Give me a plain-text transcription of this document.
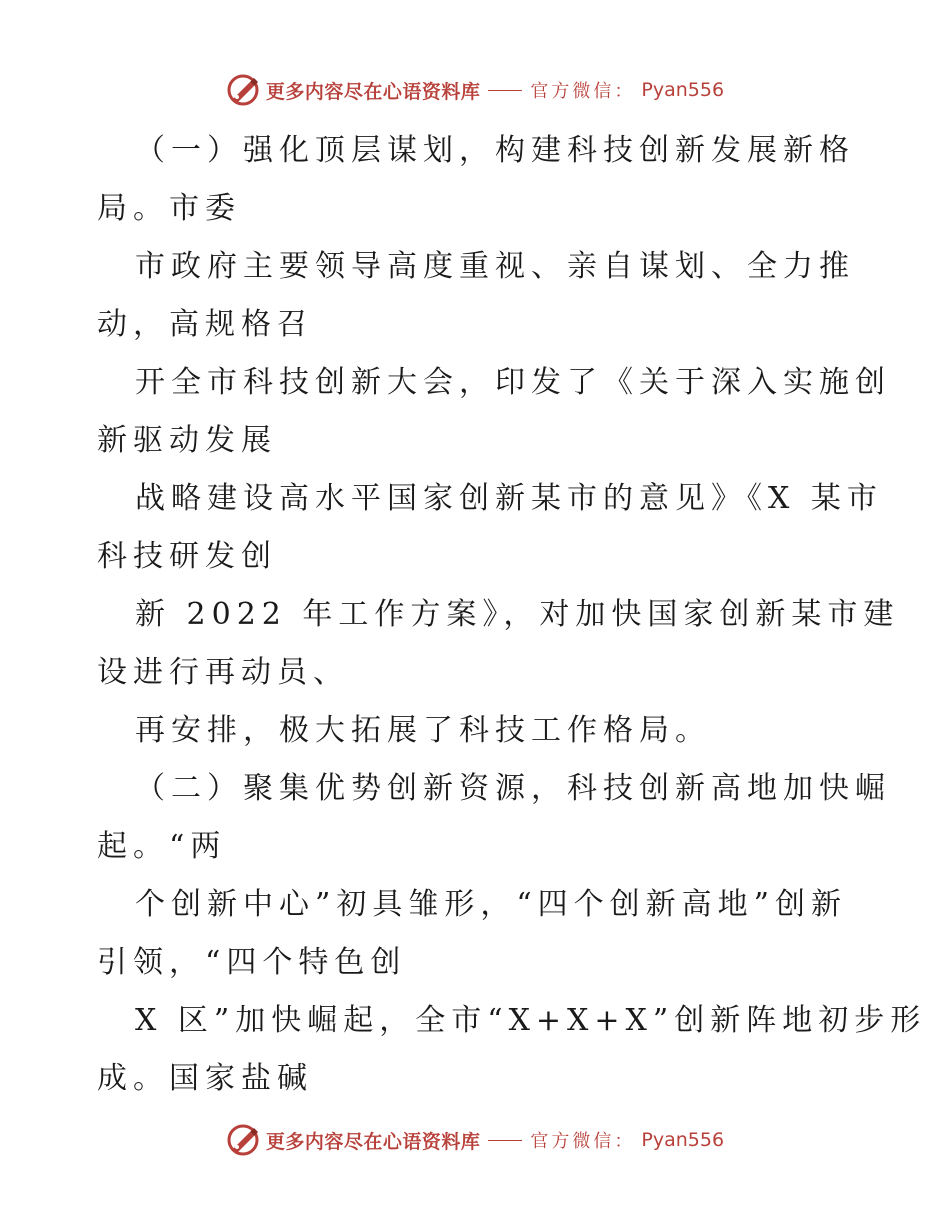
更多内容尽在心语资料库	官方微信： Pyan556
（一）强化顶层谋划，构建科技创新发展新格
局。市委
市政府主要领导高度重视、亲自谋划、全力推
动，高规格召
开全市科技创新大会，印发了《关于深入实施创
新驱动发展
战略建设高水平国家创新某市的意见》《X 某市
科技研发创
新 2022 年工作方案》，对加快国家创新某市建
设进行再动员、
再安排，极大拓展了科技工作格局。
（二）聚集优势创新资源，科技创新高地加快崛
起。“两
个创新中心”初具雏形，“四个创新高地”创新
引领，“四个特色创
X 区”加快崛起，全市“X+X+X”创新阵地初步形
成。国家盐碱
更多内容尽在心语资料库	官方微信： Pyan556
